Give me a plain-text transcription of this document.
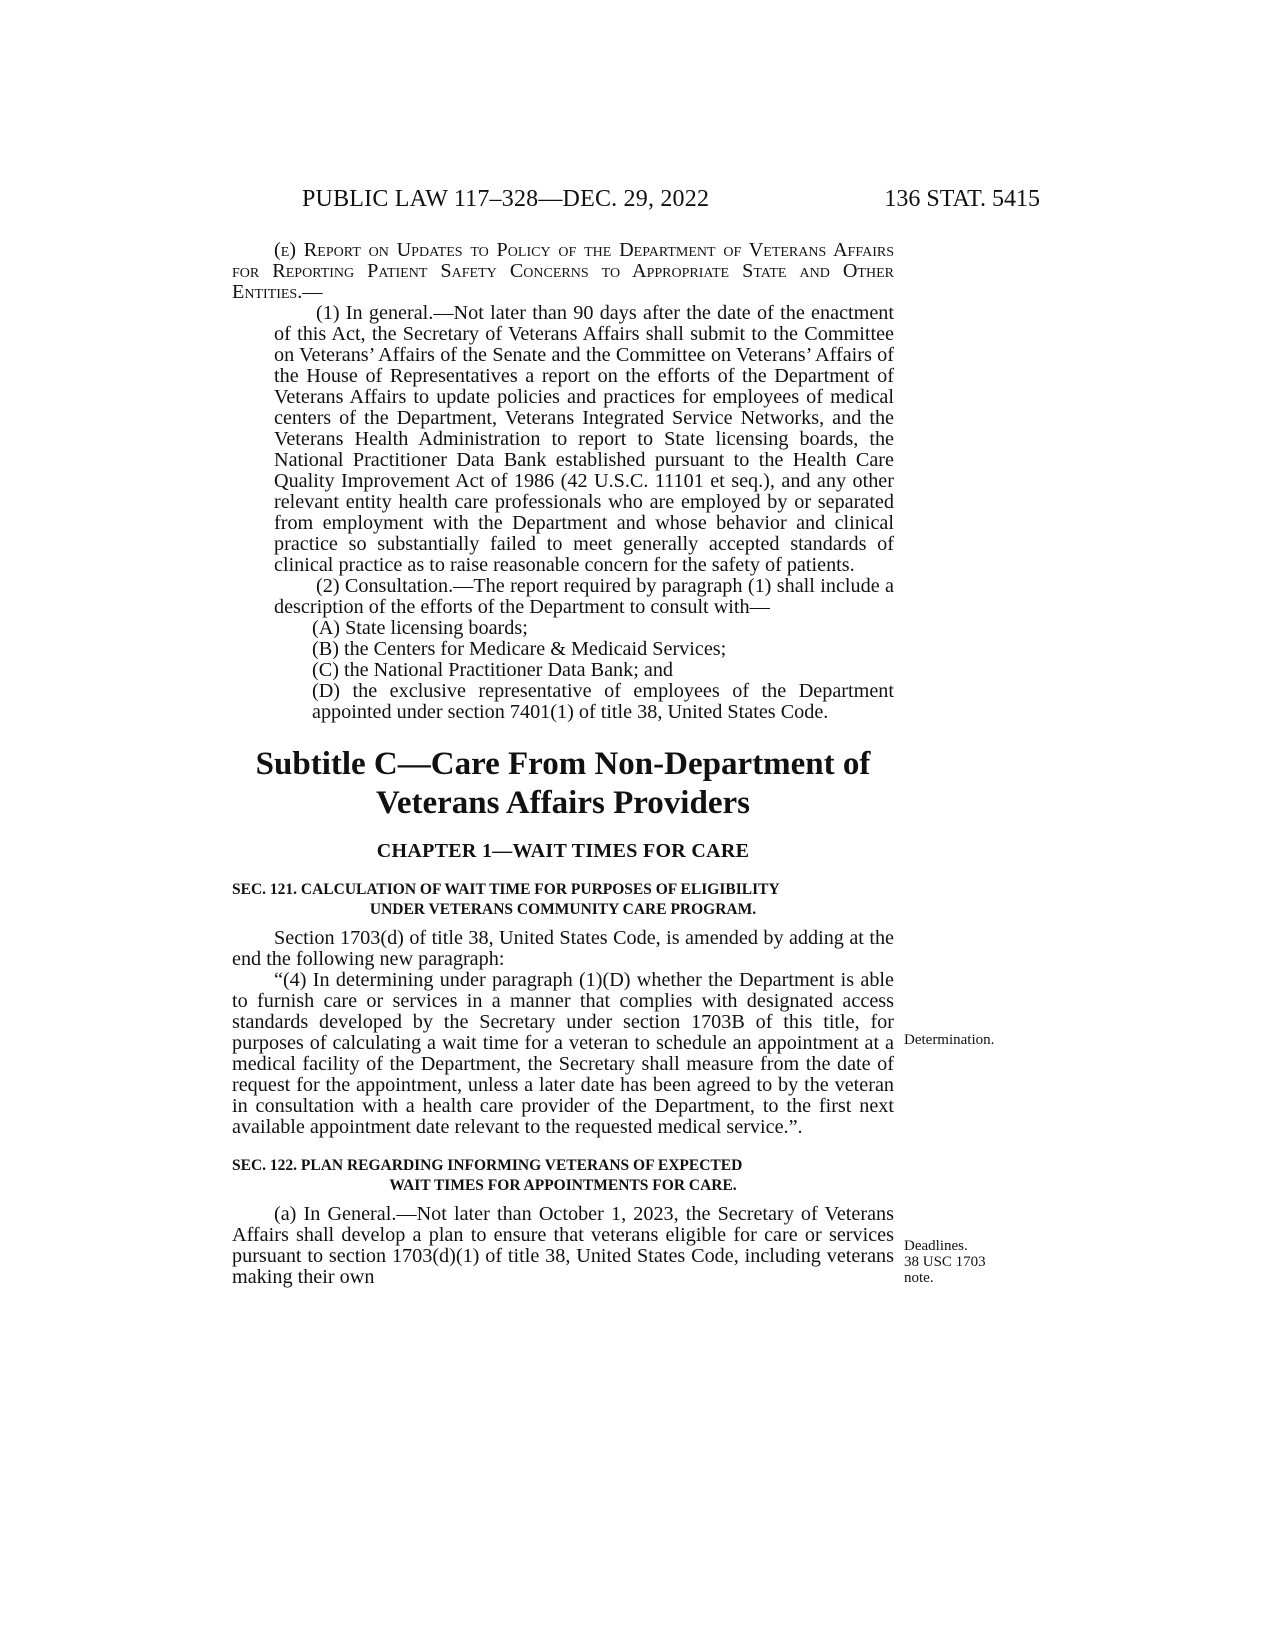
PUBLIC LAW 117–328—DEC. 29, 2022	136 STAT. 5415

(e) Report on Updates to Policy of the Department of Veterans Affairs for Reporting Patient Safety Concerns to Appropriate State and Other Entities.—

(1) In general.—Not later than 90 days after the date of the enactment of this Act, the Secretary of Veterans Affairs shall submit to the Committee on Veterans’ Affairs of the Senate and the Committee on Veterans’ Affairs of the House of Representatives a report on the efforts of the Department of Veterans Affairs to update policies and practices for employees of medical centers of the Department, Veterans Integrated Service Networks, and the Veterans Health Administration to report to State licensing boards, the National Practitioner Data Bank established pursuant to the Health Care Quality Improvement Act of 1986 (42 U.S.C. 11101 et seq.), and any other relevant entity health care professionals who are employed by or separated from employment with the Department and whose behavior and clinical practice so substantially failed to meet generally accepted standards of clinical practice as to raise reasonable concern for the safety of patients.

(2) Consultation.—The report required by paragraph (1) shall include a description of the efforts of the Department to consult with—

(A) State licensing boards;

(B) the Centers for Medicare & Medicaid Services;

(C) the National Practitioner Data Bank; and

(D) the exclusive representative of employees of the Department appointed under section 7401(1) of title 38, United States Code.

Subtitle C—Care From Non-Department of
Veterans Affairs Providers
CHAPTER 1—WAIT TIMES FOR CARE
SEC. 121. CALCULATION OF WAIT TIME FOR PURPOSES OF ELIGIBILITY
UNDER VETERANS COMMUNITY CARE PROGRAM.

Section 1703(d) of title 38, United States Code, is amended by adding at the end the following new paragraph:

“(4) In determining under paragraph (1)(D) whether the Department is able to furnish care or services in a manner that complies with designated access standards developed by the Secretary under section 1703B of this title, for purposes of calculating a wait time for a veteran to schedule an appointment at a medical facility of the Department, the Secretary shall measure from the date of request for the appointment, unless a later date has been agreed to by the veteran in consultation with a health care provider of the Department, to the first next available appointment date relevant to the requested medical service.”.

SEC. 122. PLAN REGARDING INFORMING VETERANS OF EXPECTED
WAIT TIMES FOR APPOINTMENTS FOR CARE.

(a) In General.—Not later than October 1, 2023, the Secretary of Veterans Affairs shall develop a plan to ensure that veterans eligible for care or services pursuant to section 1703(d)(1) of title 38, United States Code, including veterans making their own

Determination.
Deadlines.
38 USC 1703
note.
